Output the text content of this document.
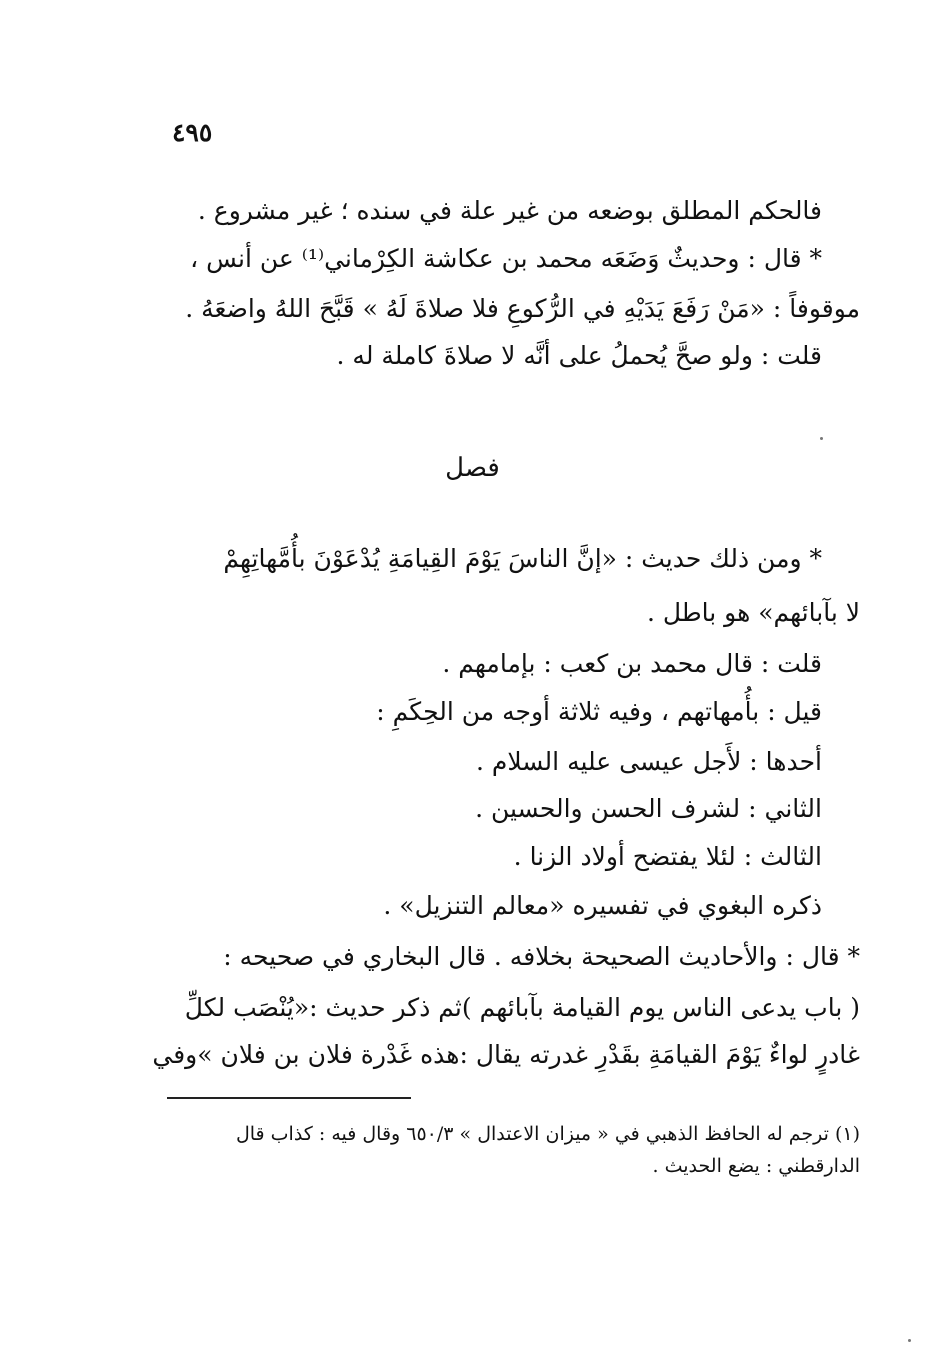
٤٩٥
فالحكم المطلق بوضعه من غير علة في سنده ؛ غير مشروع .
* قال : وحديثٌ وَضَعَه محمد بن عكاشة الكِرْماني⁽¹⁾ عن أنس ،
موقوفاً : «مَنْ رَفَعَ يَدَيْهِ في الرُّكوعِ فلا صلاةَ لَهُ » قَبَّحَ اللهُ واضعَهُ .
قلت : ولو صحَّ يُحملُ على أنَّه لا صلاةَ كاملة له .
فصل
* ومن ذلك حديث : «إنَّ الناسَ يَوْمَ القِيامَةِ يُدْعَوْنَ بأُمَّهاتِهِمْ
لا بآبائهم» هو باطل .
قلت : قال محمد بن كعب : بإمامهم .
قيل : بأُمهاتهم ، وفيه ثلاثة أوجه من الحِكَمِ :
أحدها : لأَجل عيسى عليه السلام .
الثاني : لشرف الحسن والحسين .
الثالث : لئلا يفتضح أولاد الزنا .
ذكره البغوي في تفسيره «معالم التنزيل» .
* قال : والأحاديث الصحيحة بخلافه . قال البخاري في صحيحه :
( باب يدعى الناس يوم القيامة بآبائهم )ثم ذكر حديث :«يُنْصَب لكلِّ
غادرٍ لواءٌ يَوْمَ القيامَةِ بقَدْرِ غدرته يقال :هذه غَدْرة فلان بن فلان »وفي
(١) ترجم له الحافظ الذهبي في « ميزان الاعتدال » ٦٥٠/٣ وقال فيه : كذاب قال
الدارقطني : يضع الحديث .
